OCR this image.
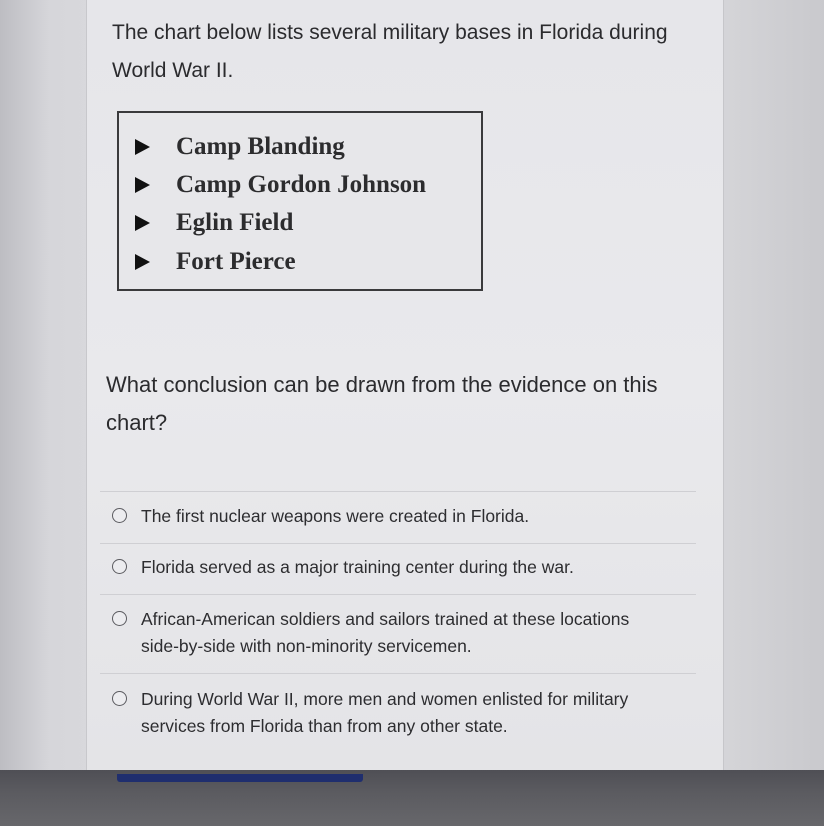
The chart below lists several military bases in Florida during World War II.
Camp Blanding
Camp Gordon Johnson
Eglin Field
Fort Pierce
What conclusion can be drawn from the evidence on this chart?
The first nuclear weapons were created in Florida.
Florida served as a major training center during the war.
African-American soldiers and sailors trained at these locations side-by-side with non-minority servicemen.
During World War II, more men and women enlisted for military services from Florida than from any other state.
